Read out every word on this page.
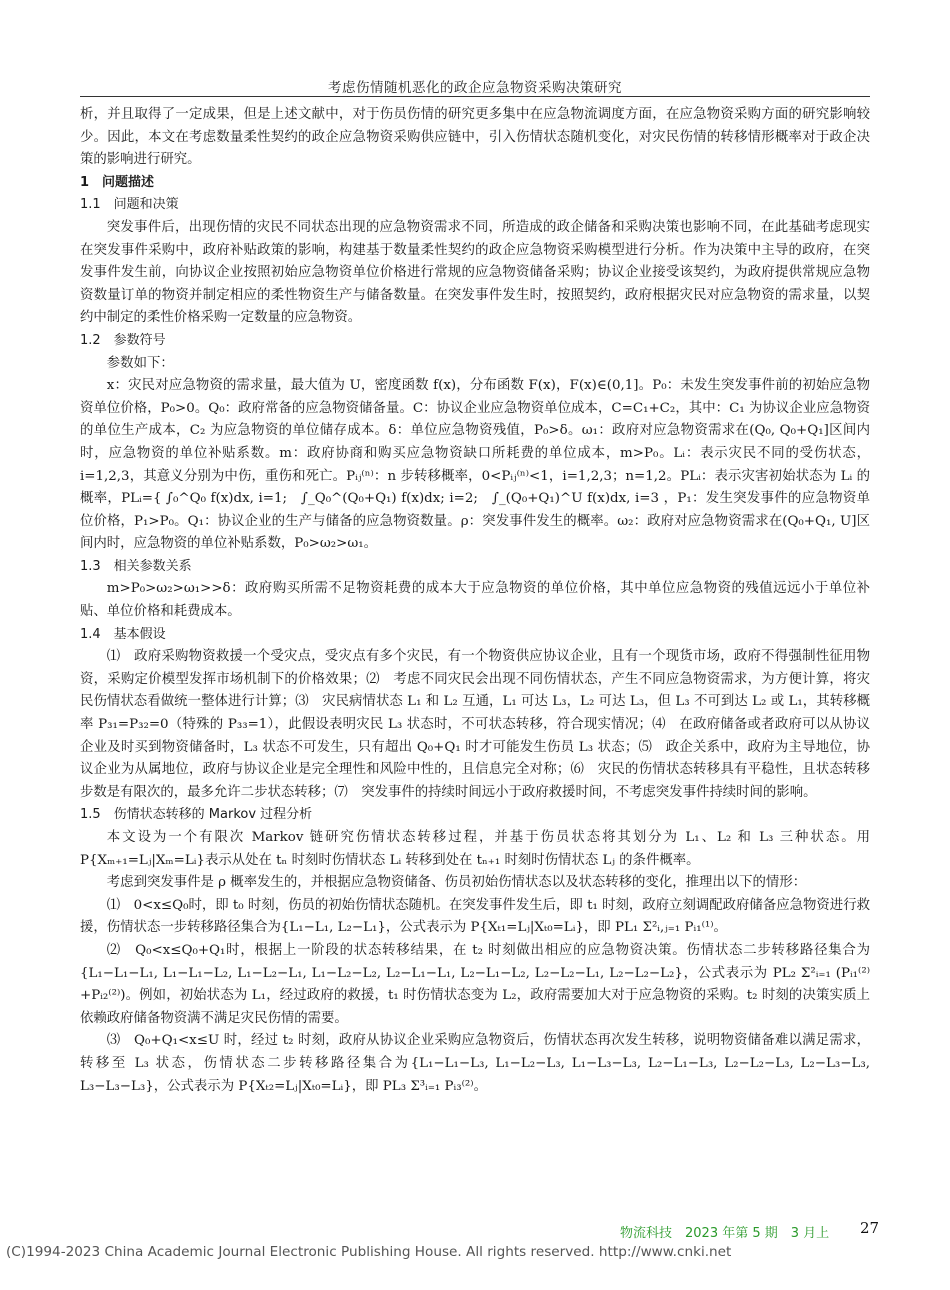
考虑伤情随机恶化的政企应急物资采购决策研究

析，并且取得了一定成果，但是上述文献中，对于伤员伤情的研究更多集中在应急物流调度方面，在应急物资采购方面的研究影响较少。因此，本文在考虑数量柔性契约的政企应急物资采购供应链中，引入伤情状态随机变化，对灾民伤情的转移情形概率对于政企决策的影响进行研究。

1　问题描述
1.1　问题和决策

突发事件后，出现伤情的灾民不同状态出现的应急物资需求不同，所造成的政企储备和采购决策也影响不同，在此基础考虑现实在突发事件采购中，政府补贴政策的影响，构建基于数量柔性契约的政企应急物资采购模型进行分析。作为决策中主导的政府，在突发事件发生前，向协议企业按照初始应急物资单位价格进行常规的应急物资储备采购；协议企业接受该契约，为政府提供常规应急物资数量订单的物资并制定相应的柔性物资生产与储备数量。在突发事件发生时，按照契约，政府根据灾民对应急物资的需求量，以契约中制定的柔性价格采购一定数量的应急物资。

1.2　参数符号

参数如下：

x：灾民对应急物资的需求量，最大值为 U，密度函数 f(x)，分布函数 F(x)，F(x)∈(0,1]。P₀：未发生突发事件前的初始应急物资单位价格，P₀>0。Q₀：政府常备的应急物资储备量。C：协议企业应急物资单位成本，C=C₁+C₂，其中：C₁ 为协议企业应急物资的单位生产成本，C₂ 为应急物资的单位储存成本。δ：单位应急物资残值，P₀>δ。ω₁：政府对应急物资需求在(Q₀, Q₀+Q₁]区间内时，应急物资的单位补贴系数。m：政府协商和购买应急物资缺口所耗费的单位成本，m>P₀。Lᵢ：表示灾民不同的受伤状态，i=1,2,3，其意义分别为中伤，重伤和死亡。Pᵢⱼ⁽ⁿ⁾：n 步转移概率，0<Pᵢⱼ⁽ⁿ⁾<1，i=1,2,3；n=1,2。PLᵢ：表示灾害初始状态为 Lᵢ 的概率，PLᵢ={ ∫₀^Q₀ f(x)dx, i=1;　∫_Q₀^(Q₀+Q₁) f(x)dx; i=2;　∫_(Q₀+Q₁)^U f(x)dx, i=3 ，P₁：发生突发事件的应急物资单位价格，P₁>P₀。Q₁：协议企业的生产与储备的应急物资数量。ρ：突发事件发生的概率。ω₂：政府对应急物资需求在(Q₀+Q₁, U]区间内时，应急物资的单位补贴系数，P₀>ω₂>ω₁。

1.3　相关参数关系

m>P₀>ω₂>ω₁>>δ：政府购买所需不足物资耗费的成本大于应急物资的单位价格，其中单位应急物资的残值远远小于单位补贴、单位价格和耗费成本。

1.4　基本假设

⑴　政府采购物资救援一个受灾点，受灾点有多个灾民，有一个物资供应协议企业，且有一个现货市场，政府不得强制性征用物资，采购定价模型发挥市场机制下的价格效果；⑵　考虑不同灾民会出现不同伤情状态，产生不同应急物资需求，为方便计算，将灾民伤情状态看做统一整体进行计算；⑶　灾民病情状态 L₁ 和 L₂ 互通，L₁ 可达 L₃，L₂ 可达 L₃，但 L₃ 不可到达 L₂ 或 L₁，其转移概率 P₃₁=P₃₂=0（特殊的 P₃₃=1），此假设表明灾民 L₃ 状态时，不可状态转移，符合现实情况；⑷　在政府储备或者政府可以从协议企业及时买到物资储备时，L₃ 状态不可发生，只有超出 Q₀+Q₁ 时才可能发生伤员 L₃ 状态；⑸　政企关系中，政府为主导地位，协议企业为从属地位，政府与协议企业是完全理性和风险中性的，且信息完全对称；⑹　灾民的伤情状态转移具有平稳性，且状态转移步数是有限次的，最多允许二步状态转移；⑺　突发事件的持续时间远小于政府救援时间，不考虑突发事件持续时间的影响。

1.5　伤情状态转移的 Markov 过程分析

本文设为一个有限次 Markov 链研究伤情状态转移过程，并基于伤员状态将其划分为 L₁、L₂ 和 L₃ 三种状态。用 P{Xₘ₊₁=Lⱼ|Xₘ=Lᵢ}表示从处在 tₙ 时刻时伤情状态 Lᵢ 转移到处在 tₙ₊₁ 时刻时伤情状态 Lⱼ 的条件概率。

考虑到突发事件是 ρ 概率发生的，并根据应急物资储备、伤员初始伤情状态以及状态转移的变化，推理出以下的情形：

⑴　0<x≤Q₀时，即 t₀ 时刻，伤员的初始伤情状态随机。在突发事件发生后，即 t₁ 时刻，政府立刻调配政府储备应急物资进行救援，伤情状态一步转移路径集合为{L₁−L₁, L₂−L₁}，公式表示为 P{Xₜ₁=Lⱼ|Xₜ₀=Lᵢ}，即 PL₁ Σ²ᵢ,ⱼ₌₁ Pᵢ₁⁽¹⁾。

⑵　Q₀<x≤Q₀+Q₁时，根据上一阶段的状态转移结果，在 t₂ 时刻做出相应的应急物资决策。伤情状态二步转移路径集合为{L₁−L₁−L₁, L₁−L₁−L₂, L₁−L₂−L₁, L₁−L₂−L₂, L₂−L₁−L₁, L₂−L₁−L₂, L₂−L₂−L₁, L₂−L₂−L₂}，公式表示为 PL₂ Σ²ᵢ₌₁ (Pᵢ₁⁽²⁾+Pᵢ₂⁽²⁾)。例如，初始状态为 L₁，经过政府的救援，t₁ 时伤情状态变为 L₂，政府需要加大对于应急物资的采购。t₂ 时刻的决策实质上依赖政府储备物资满不满足灾民伤情的需要。

⑶　Q₀+Q₁<x≤U 时，经过 t₂ 时刻，政府从协议企业采购应急物资后，伤情状态再次发生转移，说明物资储备难以满足需求，转移至 L₃ 状态，伤情状态二步转移路径集合为{L₁−L₁−L₃, L₁−L₂−L₃, L₁−L₃−L₃, L₂−L₁−L₃, L₂−L₂−L₃, L₂−L₃−L₃, L₃−L₃−L₃}，公式表示为 P{Xₜ₂=Lⱼ|Xₜ₀=Lᵢ}，即 PL₃ Σ³ᵢ₌₁ Pᵢ₃⁽²⁾。

物流科技　2023 年第 5 期　3 月上 27
(C)1994-2023 China Academic Journal Electronic Publishing House. All rights reserved. http://www.cnki.net
